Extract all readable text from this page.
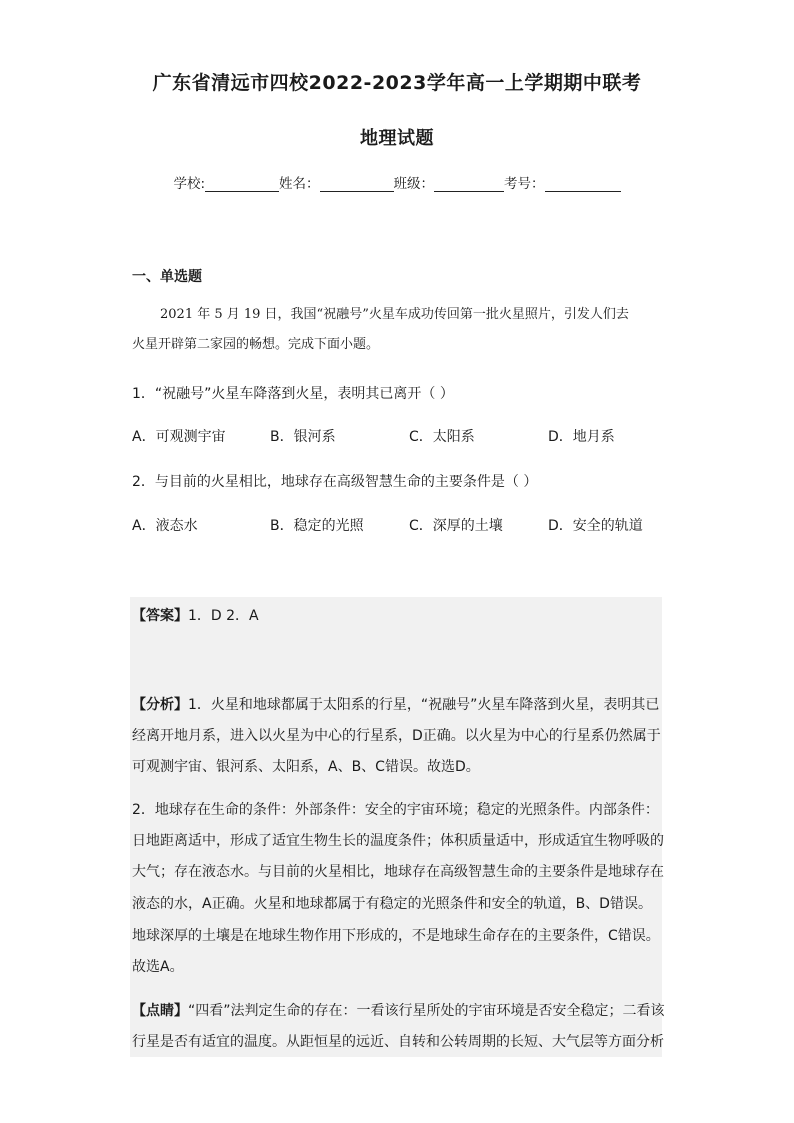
广东省清远市四校2022-2023学年高一上学期期中联考
地理试题
学校:	姓名：	班级：	考号：
一、单选题
2021 年 5 月 19 日，我国“祝融号”火星车成功传回第一批火星照片，引发人们去
火星开辟第二家园的畅想。完成下面小题。
1．“祝融号”火星车降落到火星，表明其已离开（ ）
A．可观测宇宙	B．银河系	C．太阳系	D．地月系
2．与目前的火星相比，地球存在高级智慧生命的主要条件是（ ）
A．液态水	B．稳定的光照	C．深厚的土壤	D．安全的轨道
【答案】1．D 2．A
【分析】1．火星和地球都属于太阳系的行星，“祝融号”火星车降落到火星，表明其已
经离开地月系，进入以火星为中心的行星系，D正确。以火星为中心的行星系仍然属于
可观测宇宙、银河系、太阳系，A、B、C错误。故选D。
2．地球存在生命的条件：外部条件：安全的宇宙环境；稳定的光照条件。内部条件：
日地距离适中，形成了适宜生物生长的温度条件；体积质量适中，形成适宜生物呼吸的
大气；存在液态水。与目前的火星相比，地球存在高级智慧生命的主要条件是地球存在
液态的水，A正确。火星和地球都属于有稳定的光照条件和安全的轨道，B、D错误。
地球深厚的土壤是在地球生物作用下形成的，不是地球生命存在的主要条件，C错误。
故选A。
【点睛】“四看”法判定生命的存在：一看该行星所处的宇宙环境是否安全稳定；二看该
行星是否有适宜的温度。从距恒星的远近、自转和公转周期的长短、大气层等方面分析
